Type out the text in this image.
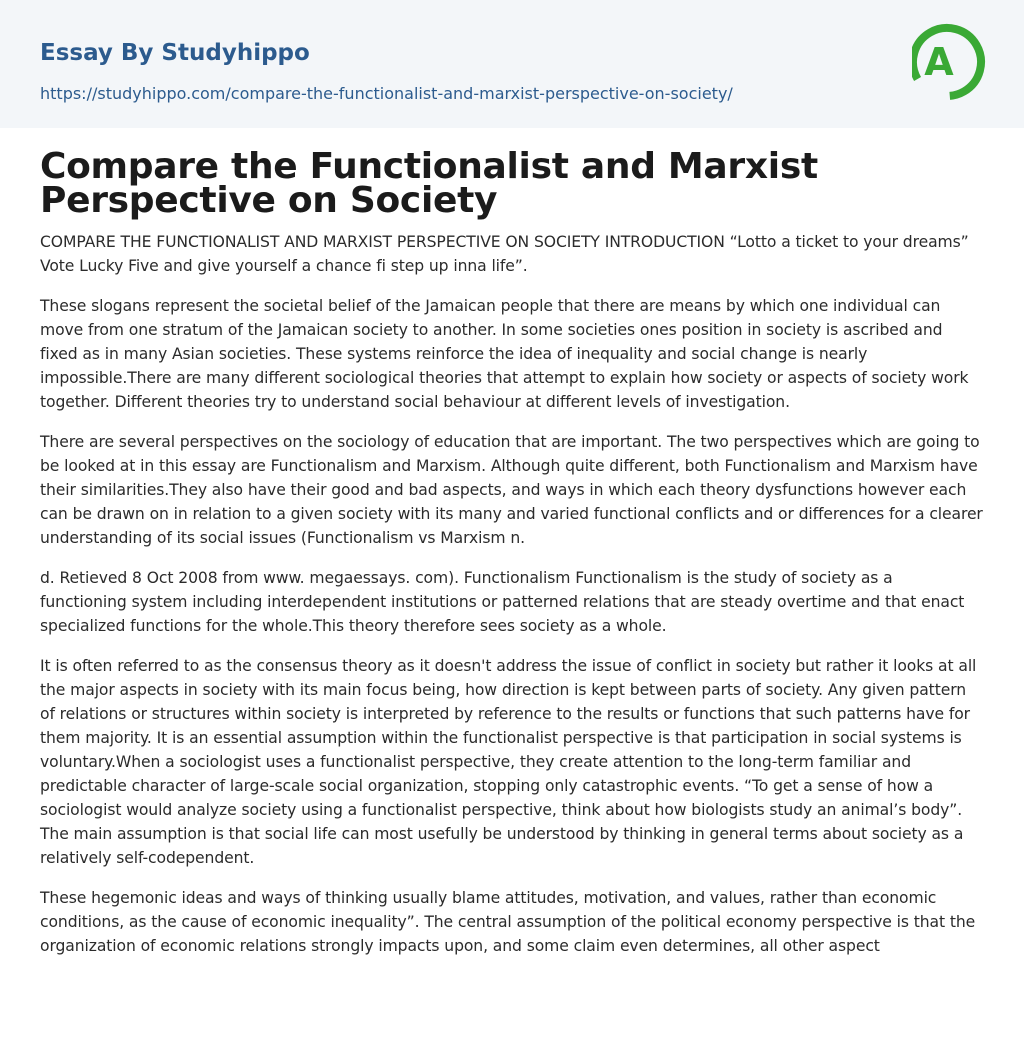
Essay By Studyhippo
https://studyhippo.com/compare-the-functionalist-and-marxist-perspective-on-society/
A
Compare the Functionalist and Marxist Perspective on Society

COMPARE THE FUNCTIONALIST AND MARXIST PERSPECTIVE ON SOCIETY INTRODUCTION “Lotto a ticket to your dreams” Vote Lucky Five and give yourself a chance fi step up inna life”.

These slogans represent the societal belief of the Jamaican people that there are means by which one individual can move from one stratum of the Jamaican society to another. In some societies ones position in society is ascribed and fixed as in many Asian societies. These systems reinforce the idea of inequality and social change is nearly impossible.There are many different sociological theories that attempt to explain how society or aspects of society work together. Different theories try to understand social behaviour at different levels of investigation.

There are several perspectives on the sociology of education that are important. The two perspectives which are going to be looked at in this essay are Functionalism and Marxism. Although quite different, both Functionalism and Marxism have their similarities.They also have their good and bad aspects, and ways in which each theory dysfunctions however each can be drawn on in relation to a given society with its many and varied functional conflicts and or differences for a clearer understanding of its social issues (Functionalism vs Marxism n.

d. Retieved 8 Oct 2008 from www. megaessays. com). Functionalism Functionalism is the study of society as a functioning system including interdependent institutions or patterned relations that are steady overtime and that enact specialized functions for the whole.This theory therefore sees society as a whole.

It is often referred to as the consensus theory as it doesn't address the issue of conflict in society but rather it looks at all the major aspects in society with its main focus being, how direction is kept between parts of society. Any given pattern of relations or structures within society is interpreted by reference to the results or functions that such patterns have for them majority. It is an essential assumption within the functionalist perspective is that participation in social systems is voluntary.When a sociologist uses a functionalist perspective, they create attention to the long-term familiar and predictable character of large-scale social organization, stopping only catastrophic events. “To get a sense of how a sociologist would analyze society using a functionalist perspective, think about how biologists study an animal’s body”. The main assumption is that social life can most usefully be understood by thinking in general terms about society as a relatively self-codependent.

These hegemonic ideas and ways of thinking usually blame attitudes, motivation, and values, rather than economic conditions, as the cause of economic inequality”. The central assumption of the political economy perspective is that the organization of economic relations strongly impacts upon, and some claim even determines, all other aspect
